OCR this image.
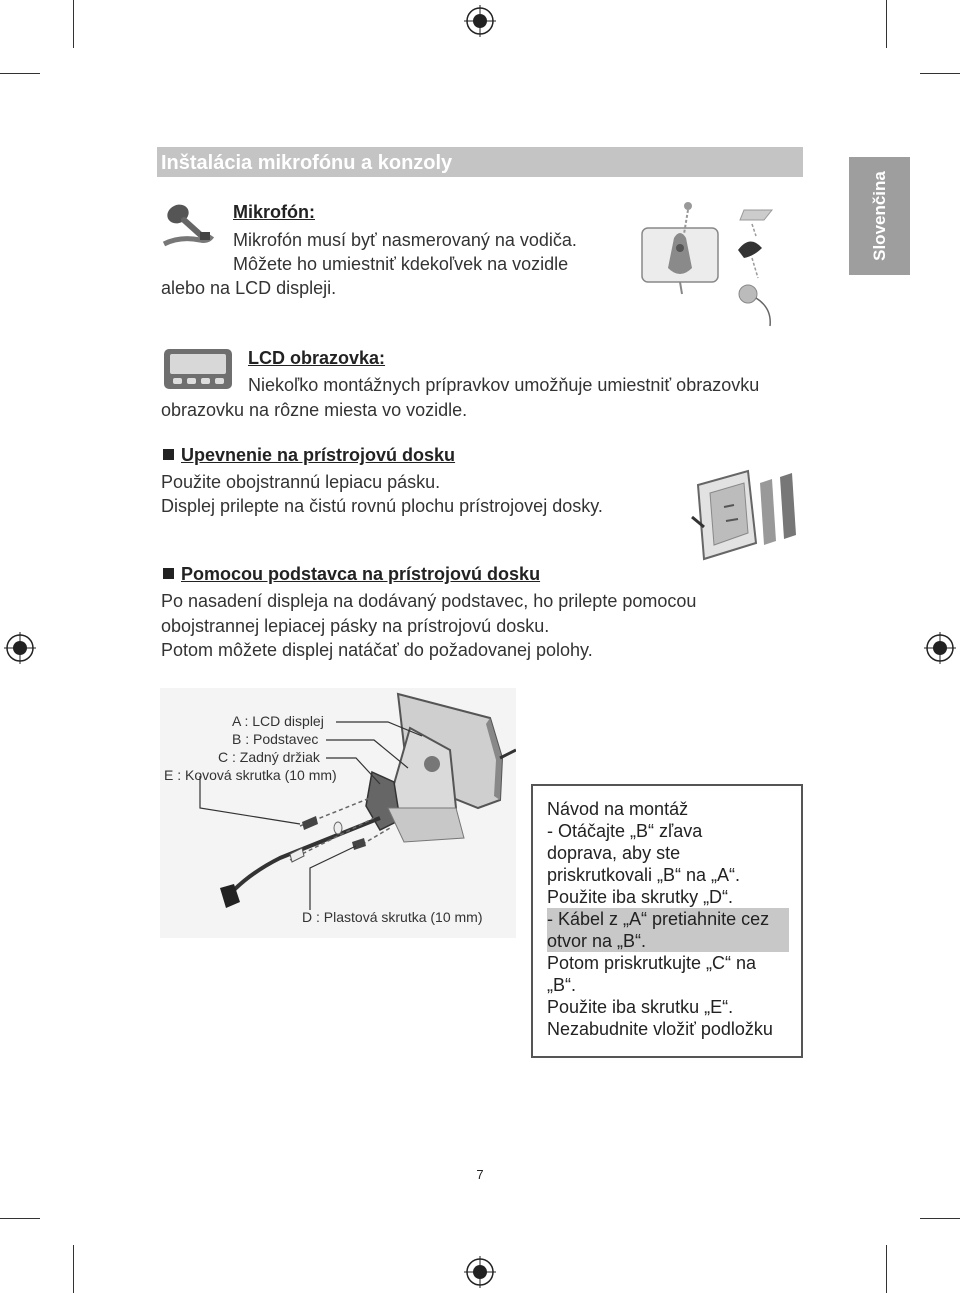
Inštalácia mikrofónu a konzoly
Slovenčina
Mikrofón:
Mikrofón musí byť nasmerovaný na vodiča.
Môžete ho umiestniť kdekoľvek na vozidle
alebo na LCD displeji.
LCD obrazovka:
Niekoľko montážnych prípravkov umožňuje umiestniť obrazovku
obrazovku na rôzne miesta vo vozidle.
Upevnenie na prístrojovú dosku
Použite obojstrannú lepiacu pásku.
Displej prilepte na čistú rovnú plochu prístrojovej dosky.
Pomocou podstavca na prístrojovú dosku
Po nasadení displeja na dodávaný podstavec, ho prilepte pomocou
obojstrannej lepiacej pásky na prístrojovú dosku.
Potom môžete displej natáčať do požadovanej polohy.
A : LCD displej
B : Podstavec
C : Zadný držiak
E : Kovová skrutka (10 mm)
D : Plastová skrutka (10 mm)
Návod na montáž
- Otáčajte „B“ zľava
doprava, aby ste
priskrutkovali „B“ na „A“.
Použite iba skrutky „D“.
- Kábel z „A“ pretiahnite cez
otvor na „B“.
Potom priskrutkujte „C“ na
„B“.
Použite iba skrutku „E“.
Nezabudnite vložiť podložku
7
